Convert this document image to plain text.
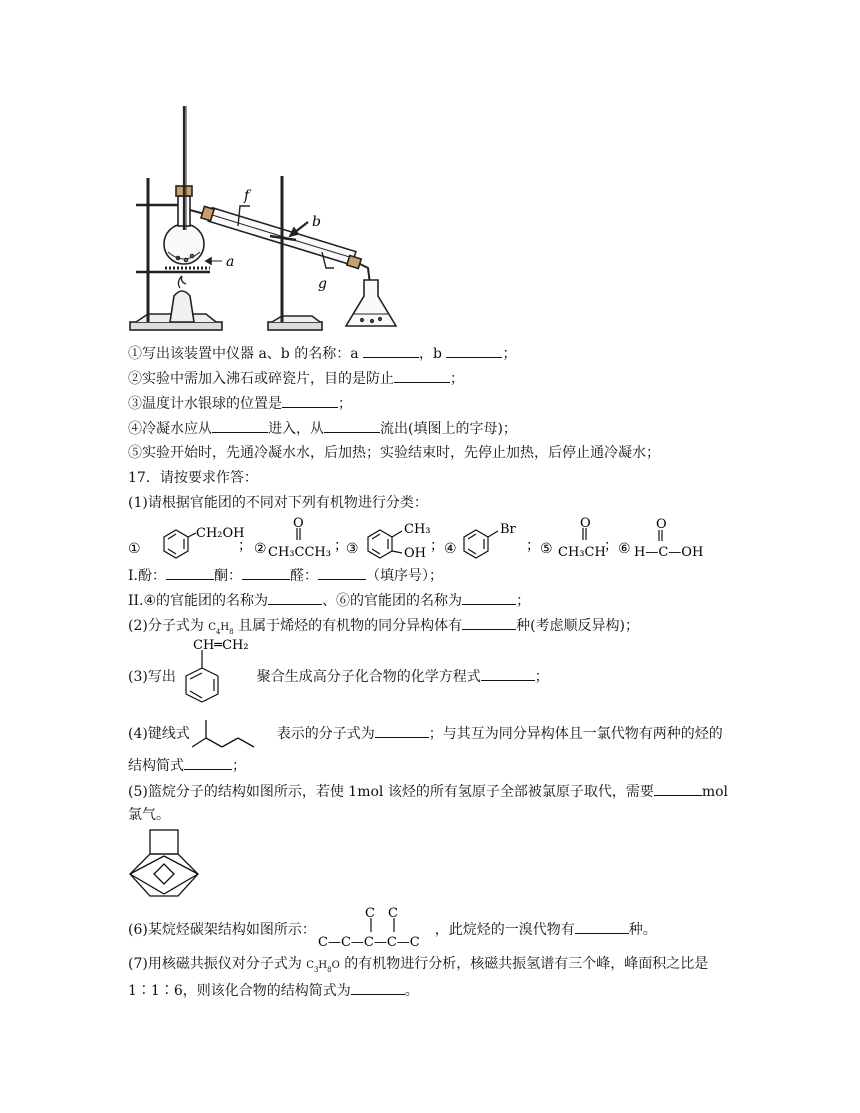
a
b
f
g
①写出该装置中仪器 a、b 的名称：a	，b	；
②实验中需加入沸石或碎瓷片，目的是防止	；
③温度计水银球的位置是	；
④冷凝水应从	进入，从	流出(填图上的字母)；
⑤实验开始时，先通冷凝水水，后加热；实验结束时，先停止加热，后停止通冷凝水；
17．请按要求作答：
(1)请根据官能团的不同对下列有机物进行分类：
①
CH₂OH
； ②
O
CH₃CCH₃ ；
③
CH₃
OH ； ④
Br
； ⑤
O
CH₃CH
； ⑥
O
H—C—OH
I.酚：	酮：	醛：	（填序号）；
II.④的官能团的名称为	、⑥的官能团的名称为	；
(2)分子式为 $C_4H_8$ 且属于烯烃的有机物的同分异构体有	种(考虑顺反异构)；
CH═CH₂
(3)写出	聚合生成高分子化合物的化学方程式	；
(4)键线式	表示的分子式为	；与其互为同分异构体且一氯代物有两种的烃的
结构简式	；
(5)篮烷分子的结构如图所示，若使 1mol 该烃的所有氢原子全部被氯原子取代，需要	mol
氯气。
C C
C—C—C—C—C
(6)某烷烃碳架结构如图所示：	，此烷烃的一溴代物有	种。
(7)用核磁共振仪对分子式为 $C_3H_8O$ 的有机物进行分析，核磁共振氢谱有三个峰，峰面积之比是
1∶1∶6，则该化合物的结构简式为	。
